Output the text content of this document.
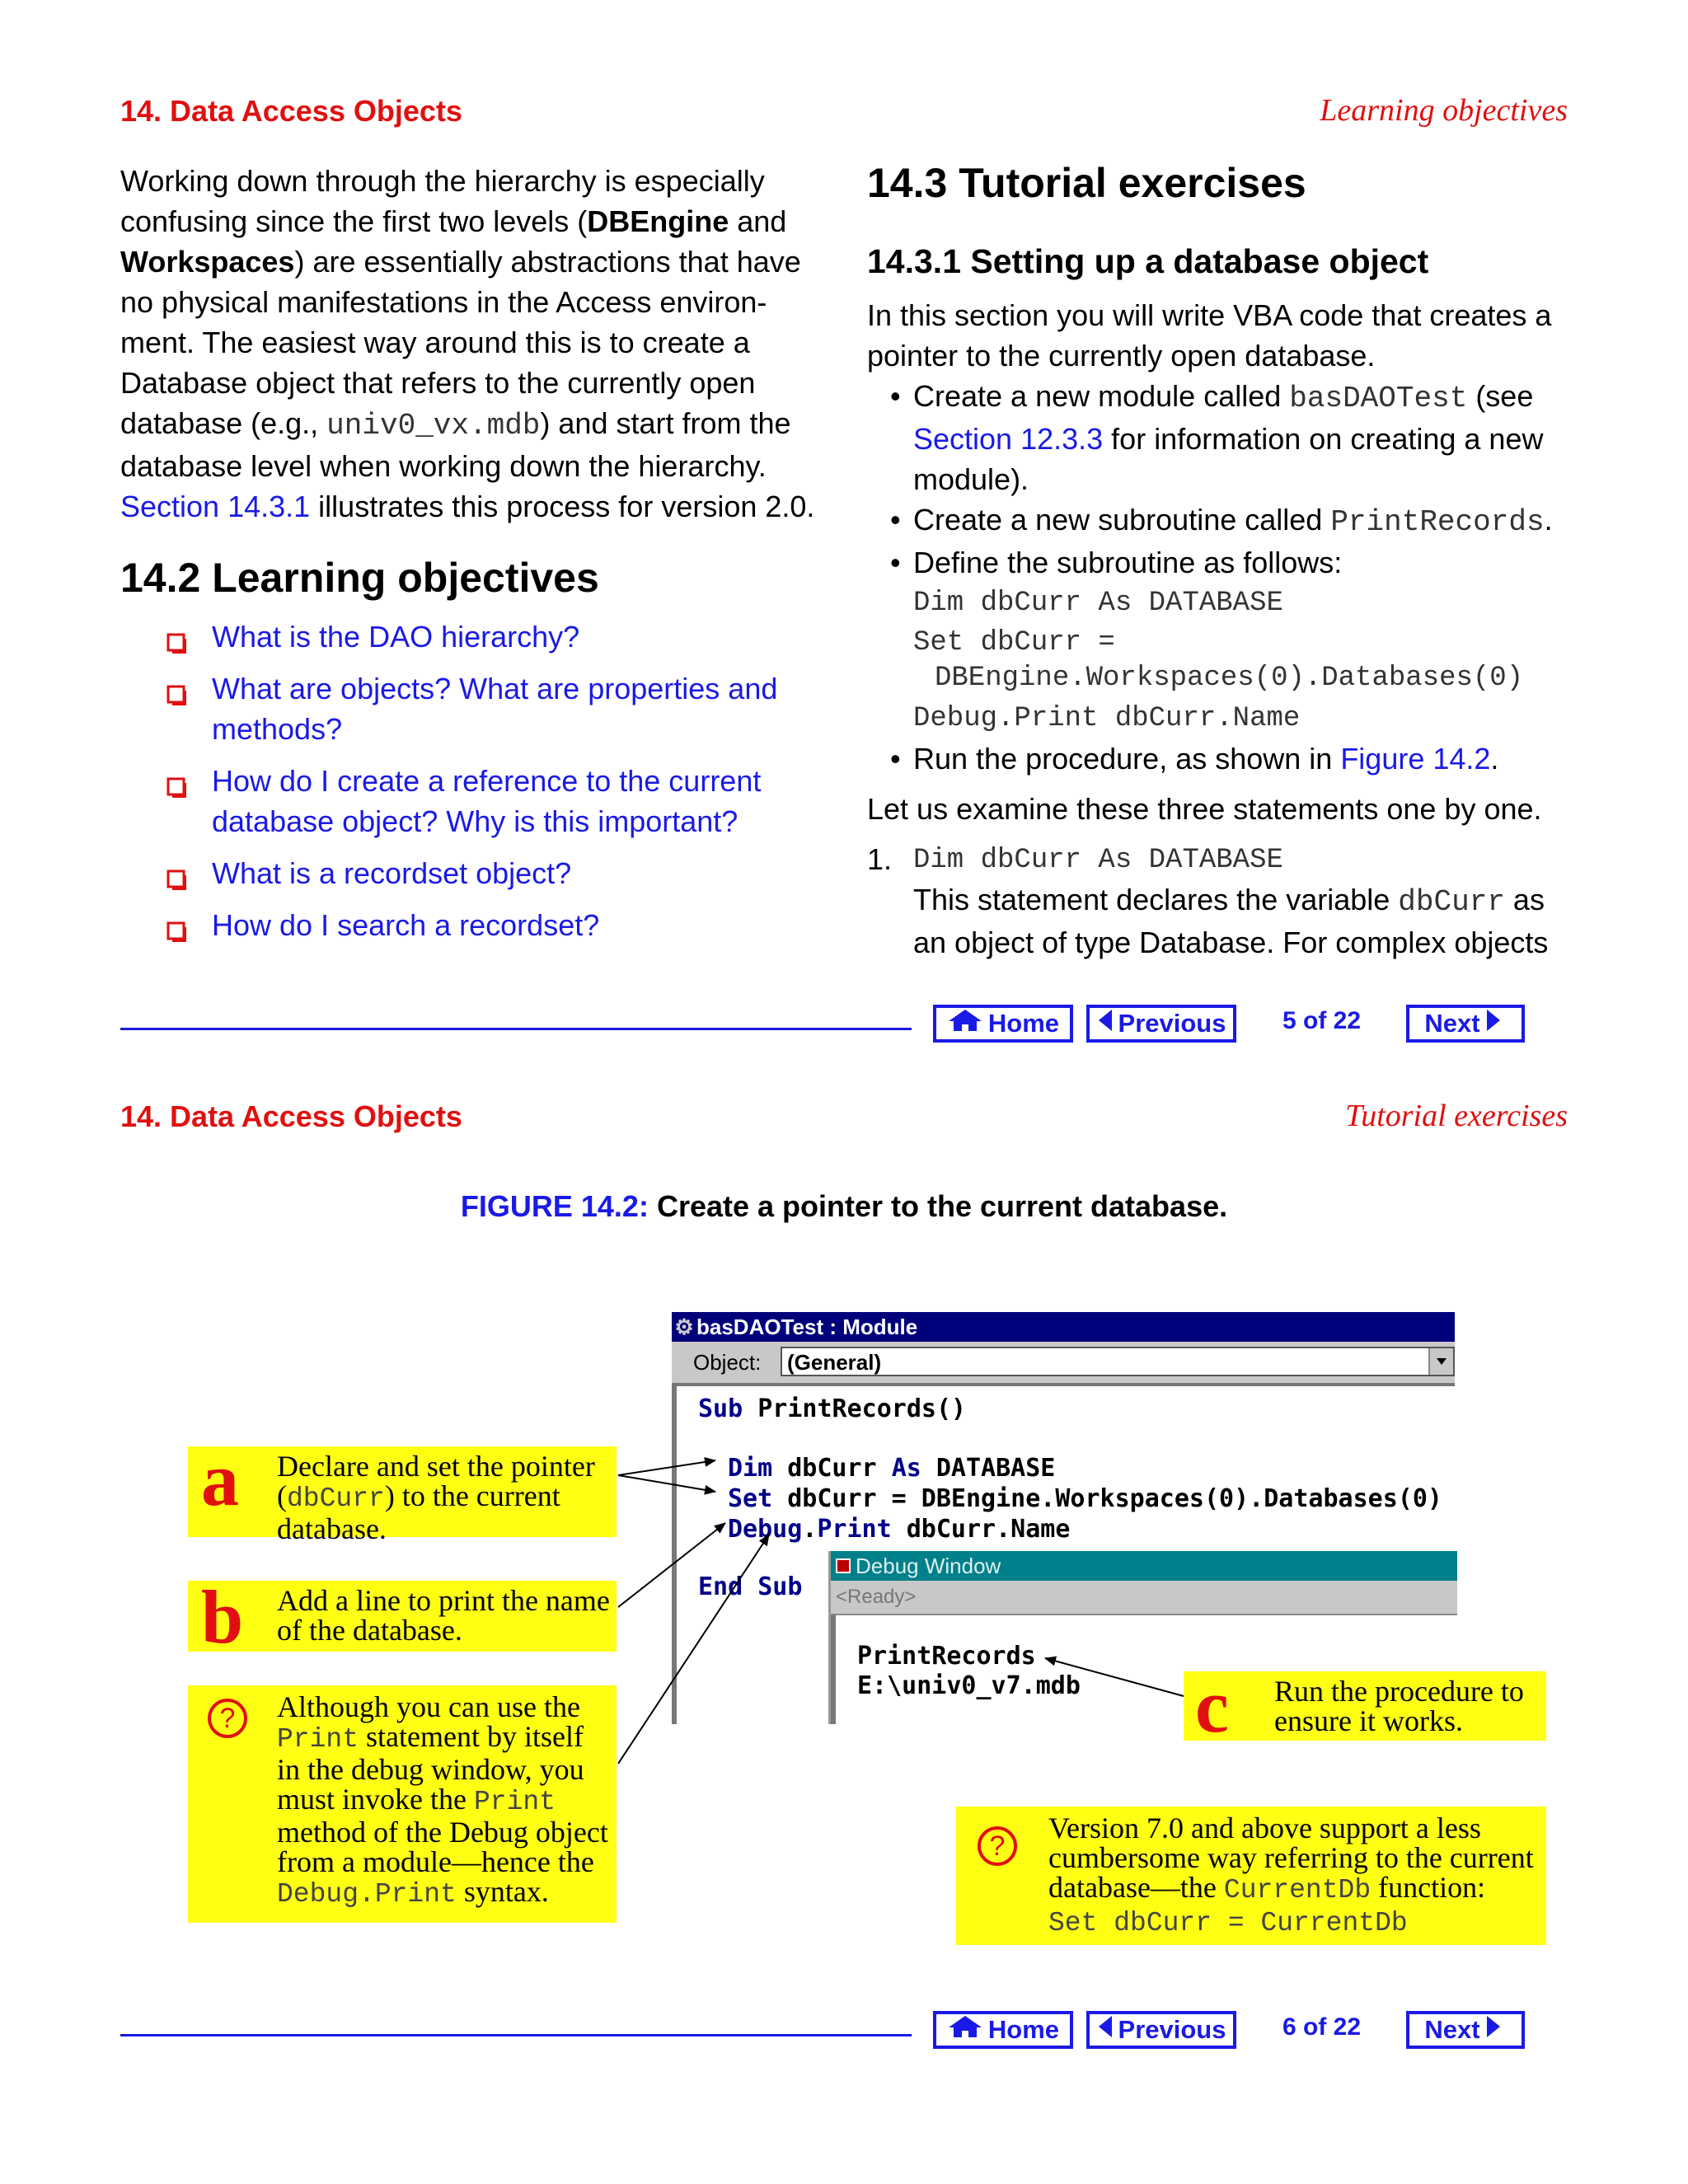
14. Data Access Objects	Learning objectives
Working down through the hierarchy is especially
confusing since the first two levels (DBEngine and
Workspaces) are essentially abstractions that have
no physical manifestations in the Access environ-
ment. The easiest way around this is to create a
Database object that refers to the currently open
database (e.g., univ0_vx.mdb) and start from the
database level when working down the hierarchy.
Section 14.3.1 illustrates this process for version 2.0.
14.2 Learning objectives
What is the DAO hierarchy?
What are objects? What are properties and
methods?
How do I create a reference to the current
database object? Why is this important?
What is a recordset object?
How do I search a recordset?
14.3 Tutorial exercises
14.3.1 Setting up a database object
In this section you will write VBA code that creates a
pointer to the currently open database.
• Create a new module called basDAOTest (see
Section 12.3.3 for information on creating a new
module).
• Create a new subroutine called PrintRecords.
• Define the subroutine as follows:
Dim dbCurr As DATABASE
Set dbCurr =
DBEngine.Workspaces(0).Databases(0)
Debug.Print dbCurr.Name
• Run the procedure, as shown in Figure 14.2.
Let us examine these three statements one by one.
1. Dim dbCurr As DATABASE
This statement declares the variable dbCurr as
an object of type Database. For complex objects
Home Previous 5 of 22 Next
14. Data Access Objects	Tutorial exercises
FIGURE 14.2: Create a pointer to the current database.
⚙ basDAOTest : Module
Object: (General)
Sub PrintRecords()
Dim dbCurr As DATABASE
Set dbCurr = DBEngine.Workspaces(0).Databases(0)
Debug.Print dbCurr.Name
End Sub
Debug Window
<Ready>
PrintRecords
E:\univ0_v7.mdb
a Declare and set the pointer
(dbCurr) to the current
database.
b Add a line to print the name
of the database.
?	Although you can use the
Print statement by itself
in the debug window, you
must invoke the Print
method of the Debug object
from a module—hence the
Debug.Print syntax.
c Run the procedure to
ensure it works.
?
Version 7.0 and above support a less
cumbersome way referring to the current
database—the CurrentDb function:
Set dbCurr = CurrentDb
Home Previous 6 of 22 Next
